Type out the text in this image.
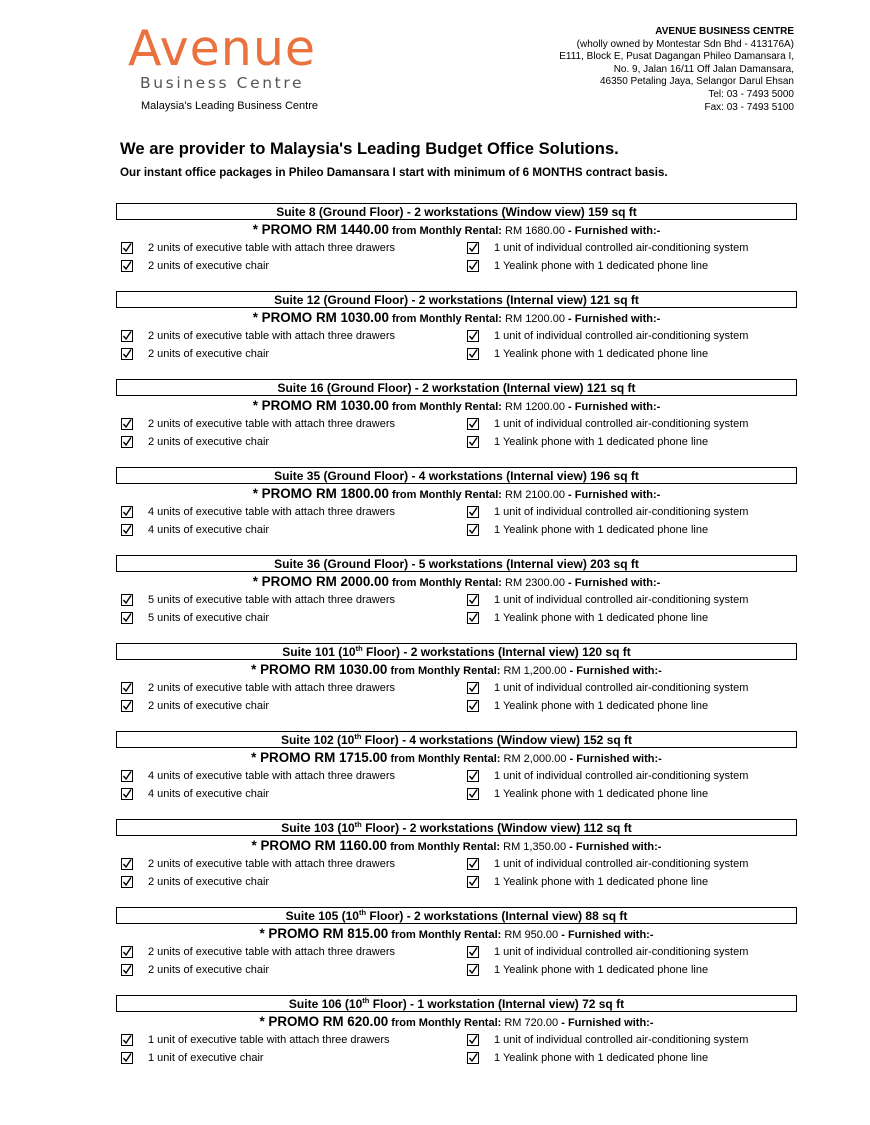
Avenue
Business Centre
Malaysia's Leading Business Centre
AVENUE BUSINESS CENTRE
(wholly owned by Montestar Sdn Bhd - 413176A)
E111, Block E, Pusat Dagangan Phileo Damansara I,
No. 9, Jalan 16/11 Off Jalan Damansara,
46350 Petaling Jaya, Selangor Darul Ehsan
Tel: 03 - 7493 5000
Fax: 03 - 7493 5100
We are provider to Malaysia's Leading Budget Office Solutions.
Our instant office packages in Phileo Damansara I start with minimum of 6 MONTHS contract basis.
Suite 8 (Ground Floor) - 2 workstations (Window view) 159 sq ft
* PROMO RM 1440.00 from Monthly Rental: RM 1680.00 - Furnished with:-
2 units of executive table with attach three drawers	1 unit of individual controlled air-conditioning system
2 units of executive chair	1 Yealink phone with 1 dedicated phone line
Suite 12 (Ground Floor) - 2 workstations (Internal view) 121 sq ft
* PROMO RM 1030.00 from Monthly Rental: RM 1200.00 - Furnished with:-
2 units of executive table with attach three drawers	1 unit of individual controlled air-conditioning system
2 units of executive chair	1 Yealink phone with 1 dedicated phone line
Suite 16 (Ground Floor) - 2 workstation (Internal view) 121 sq ft
* PROMO RM 1030.00 from Monthly Rental: RM 1200.00 - Furnished with:-
2 units of executive table with attach three drawers	1 unit of individual controlled air-conditioning system
2 units of executive chair	1 Yealink phone with 1 dedicated phone line
Suite 35 (Ground Floor) - 4 workstations (Internal view) 196 sq ft
* PROMO RM 1800.00 from Monthly Rental: RM 2100.00 - Furnished with:-
4 units of executive table with attach three drawers	1 unit of individual controlled air-conditioning system
4 units of executive chair	1 Yealink phone with 1 dedicated phone line
Suite 36 (Ground Floor) - 5 workstations (Internal view) 203 sq ft
* PROMO RM 2000.00 from Monthly Rental: RM 2300.00 - Furnished with:-
5 units of executive table with attach three drawers	1 unit of individual controlled air-conditioning system
5 units of executive chair	1 Yealink phone with 1 dedicated phone line
Suite 101 (10th Floor) - 2 workstations (Internal view) 120 sq ft
* PROMO RM 1030.00 from Monthly Rental: RM 1,200.00 - Furnished with:-
2 units of executive table with attach three drawers	1 unit of individual controlled air-conditioning system
2 units of executive chair	1 Yealink phone with 1 dedicated phone line
Suite 102 (10th Floor) - 4 workstations (Window view) 152 sq ft
* PROMO RM 1715.00 from Monthly Rental: RM 2,000.00 - Furnished with:-
4 units of executive table with attach three drawers	1 unit of individual controlled air-conditioning system
4 units of executive chair	1 Yealink phone with 1 dedicated phone line
Suite 103 (10th Floor) - 2 workstations (Window view) 112 sq ft
* PROMO RM 1160.00 from Monthly Rental: RM 1,350.00 - Furnished with:-
2 units of executive table with attach three drawers	1 unit of individual controlled air-conditioning system
2 units of executive chair	1 Yealink phone with 1 dedicated phone line
Suite 105 (10th Floor) - 2 workstations (Internal view) 88 sq ft
* PROMO RM 815.00 from Monthly Rental: RM 950.00 - Furnished with:-
2 units of executive table with attach three drawers	1 unit of individual controlled air-conditioning system
2 units of executive chair	1 Yealink phone with 1 dedicated phone line
Suite 106 (10th Floor) - 1 workstation (Internal view) 72 sq ft
* PROMO RM 620.00 from Monthly Rental: RM 720.00 - Furnished with:-
1 unit of executive table with attach three drawers	1 unit of individual controlled air-conditioning system
1 unit of executive chair	1 Yealink phone with 1 dedicated phone line
